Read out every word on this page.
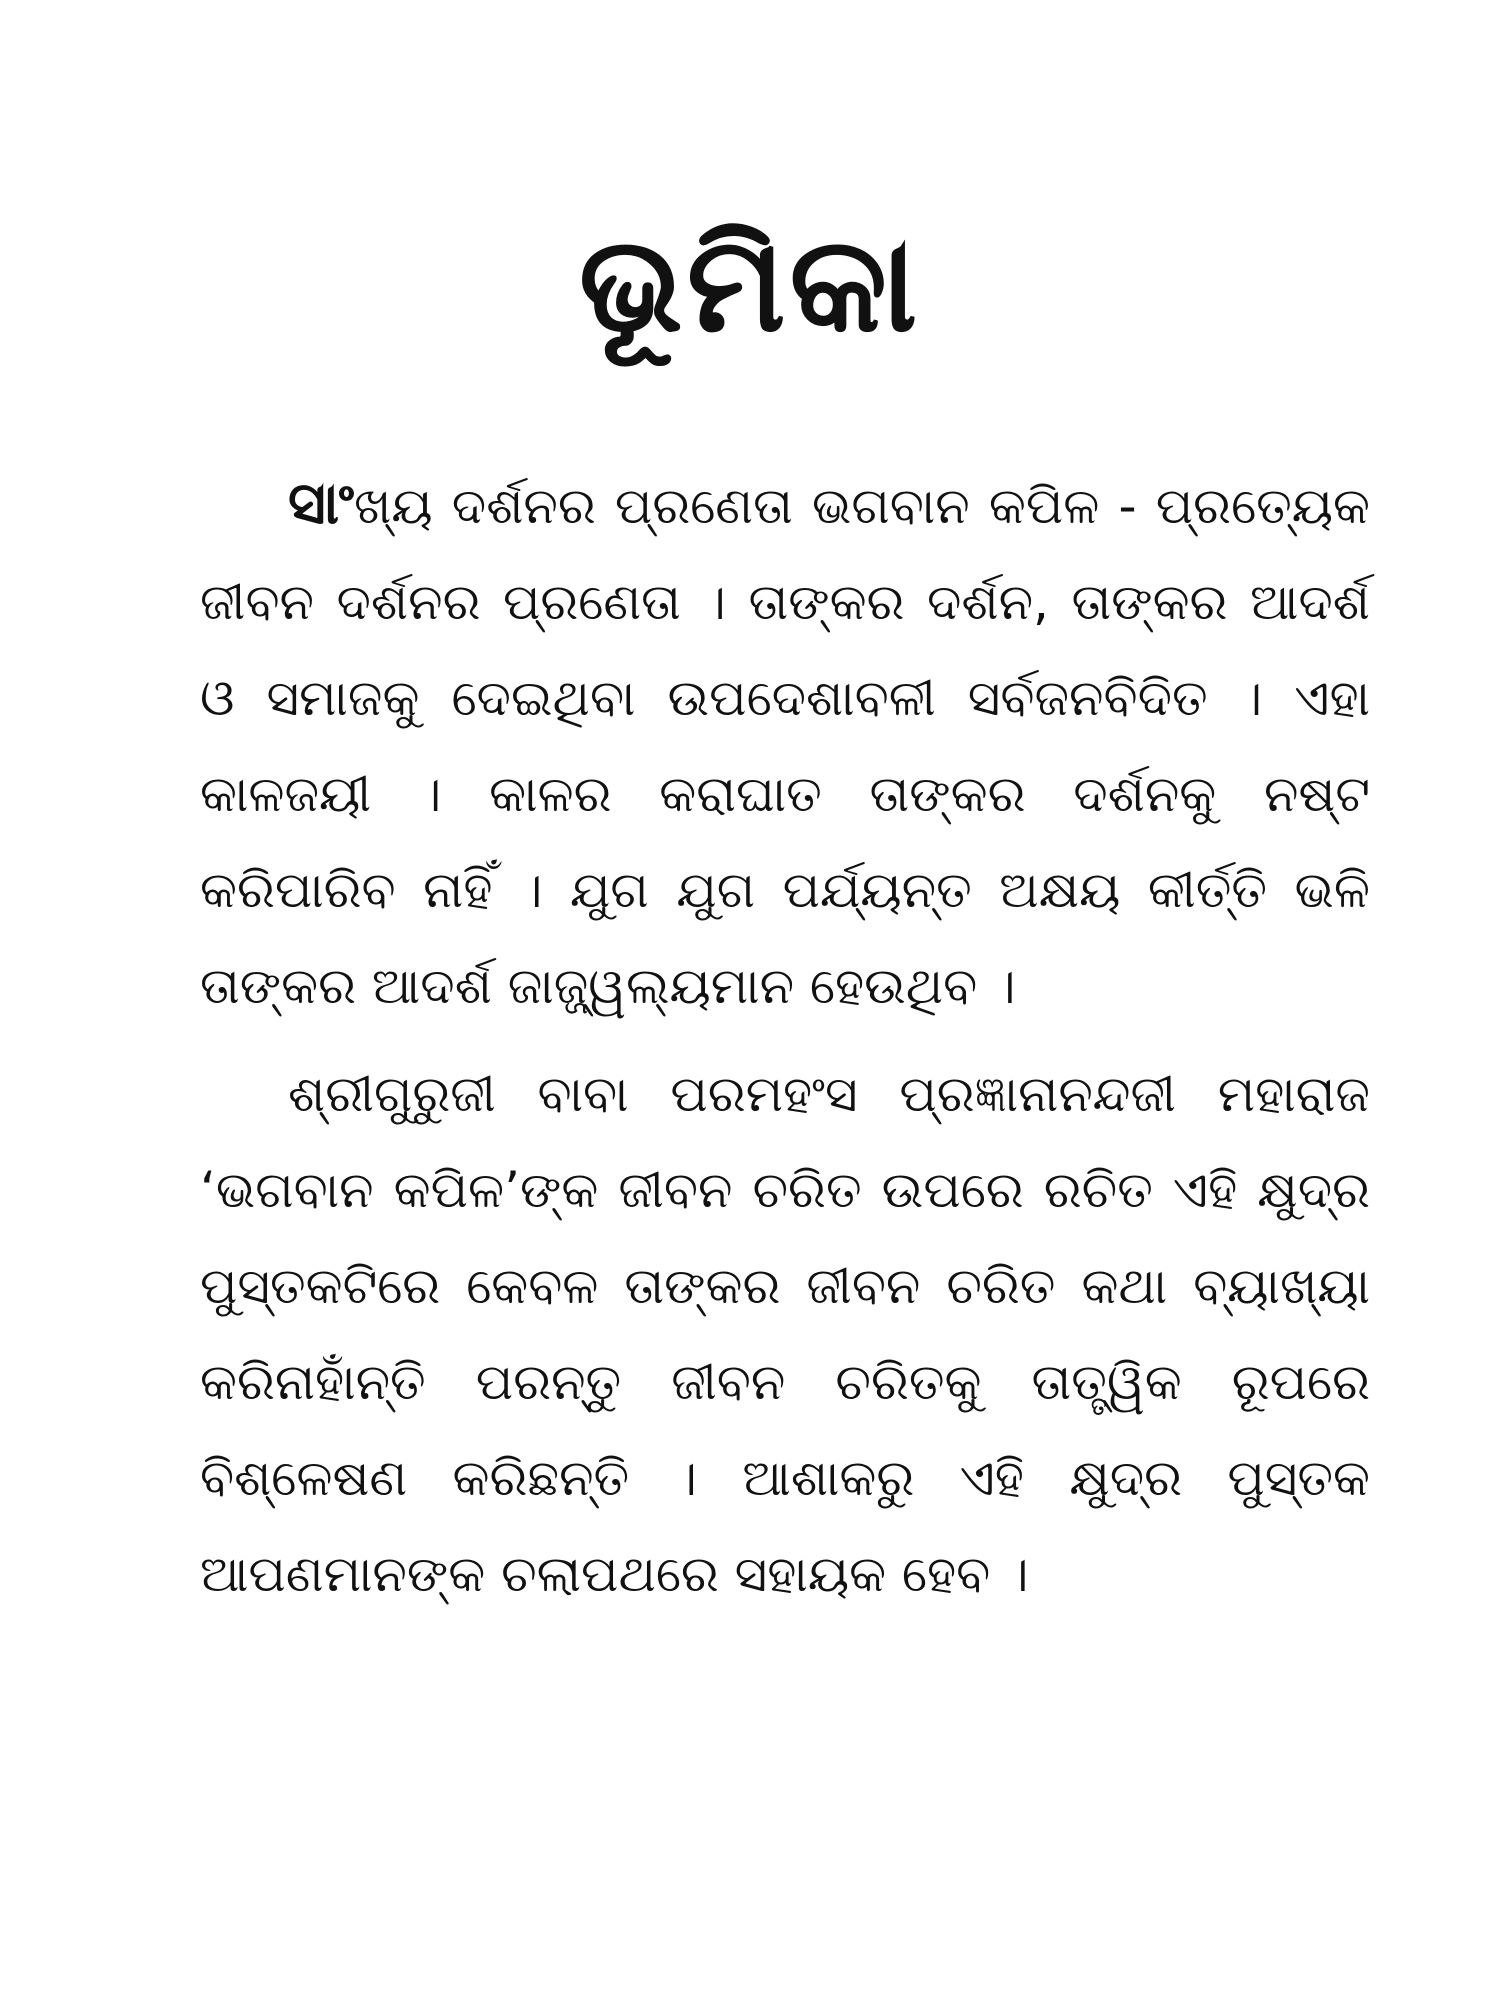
ଭୂମିକା

ସାଂଖ୍ୟ ଦର୍ଶନର ପ୍ରଣେତା ଭଗବାନ କପିଳ - ପ୍ରତ୍ୟେକ ଜୀବନ ଦର୍ଶନର ପ୍ରଣେତା । ତାଙ୍କର ଦର୍ଶନ, ତାଙ୍କର ଆଦର୍ଶ ଓ ସମାଜକୁ ଦେଇଥିବା ଉପଦେଶାବଳୀ ସର୍ବଜନବିଦିତ । ଏହା କାଳଜୟୀ । କାଳର କରାଘାତ ତାଙ୍କର ଦର୍ଶନକୁ ନଷ୍ଟ କରିପାରିବ ନାହିଁ । ଯୁଗ ଯୁଗ ପର୍ଯ୍ୟନ୍ତ ଅକ୍ଷୟ କୀର୍ତ୍ତି ଭଳି ତାଙ୍କର ଆଦର୍ଶ ଜାଜ୍ଜ୍ୱଲ୍ୟମାନ ହେଉଥିବ ।

ଶ୍ରୀଗୁରୁଜୀ ବାବା ପରମହଂସ ପ୍ରଜ୍ଞାନାନନ୍ଦଜୀ ମହାରାଜ ‘ଭଗବାନ କପିଳ’ଙ୍କ ଜୀବନ ଚରିତ ଉପରେ ରଚିତ ଏହି କ୍ଷୁଦ୍ର ପୁସ୍ତକଟିରେ କେବଳ ତାଙ୍କର ଜୀବନ ଚରିତ କଥା ବ୍ୟାଖ୍ୟା କରିନାହାଁନ୍ତି ପରନ୍ତୁ ଜୀବନ ଚରିତକୁ ତାତ୍ତ୍ୱିକ ରୂପରେ ବିଶ୍ଳେଷଣ କରିଛନ୍ତି । ଆଶାକରୁ ଏହି କ୍ଷୁଦ୍ର ପୁସ୍ତକ ଆପଣମାନଙ୍କ ଚଲାପଥରେ ସହାୟକ ହେବ ।
